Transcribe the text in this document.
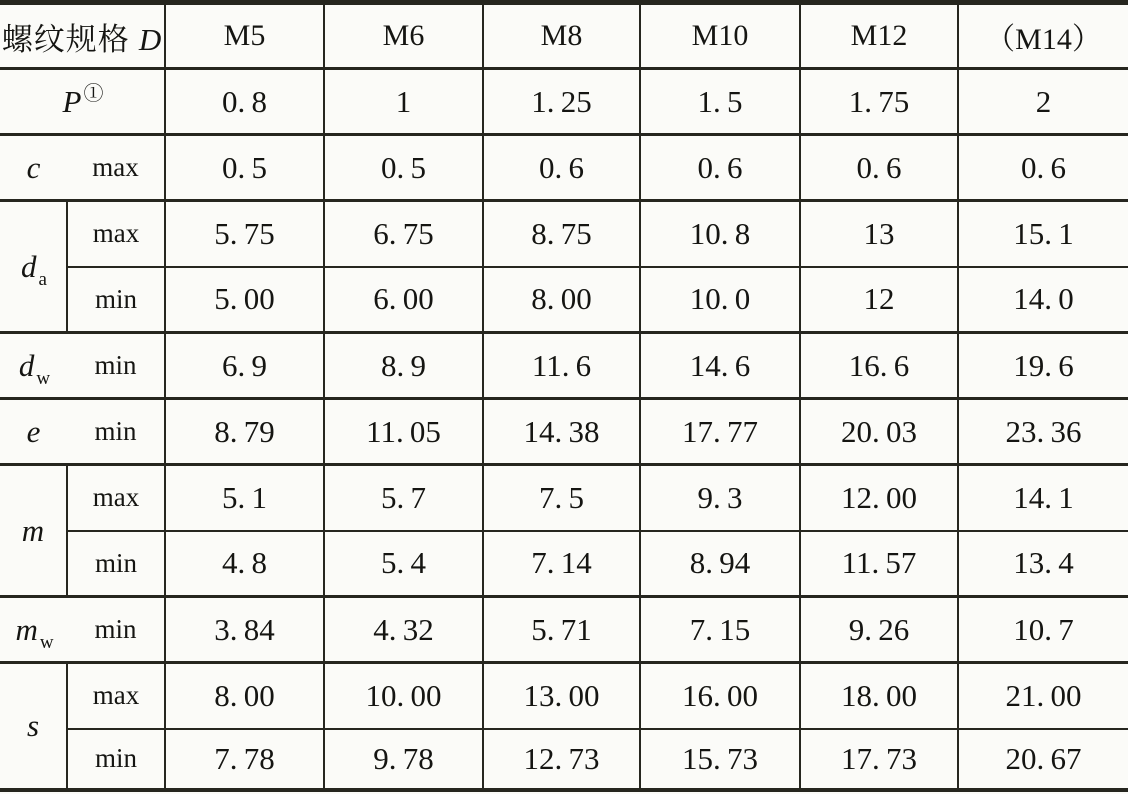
螺纹规格 D		M5	M6	M8	M10	M12	（M14）
P ①		0. 8	1	1. 25	1. 5	1. 75	2
c	max	0. 5	0. 5	0. 6	0. 6	0. 6	0. 6
d a	max	5. 75	6. 75	8. 75	10. 8	13	15. 1
	min	5. 00	6. 00	8. 00	10. 0	12	14. 0
d w	min	6. 9	8. 9	11. 6	14. 6	16. 6	19. 6
e	min	8. 79	11. 05	14. 38	17. 77	20. 03	23. 36
m	max	5. 1	5. 7	7. 5	9. 3	12. 00	14. 1
	min	4. 8	5. 4	7. 14	8. 94	11. 57	13. 4
m w	min	3. 84	4. 32	5. 71	7. 15	9. 26	10. 7
s	max	8. 00	10. 00	13. 00	16. 00	18. 00	21. 00
	min	7. 78	9. 78	12. 73	15. 73	17. 73	20. 67
